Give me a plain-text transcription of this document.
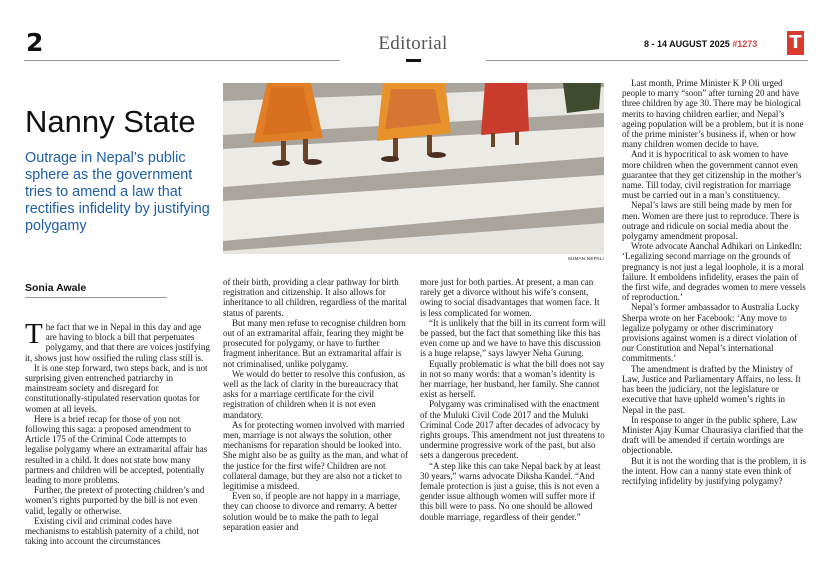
2	Editorial	8 - 14 AUGUST 2025 #1273 T
Nanny State

Outrage in Nepal’s public sphere as the government tries to amend a law that rectifies infidelity by justifying polygamy

Sonia Awale

SUMAN NEPALI

The fact that we in Nepal in this day and age are having to block a bill that perpetuates polygamy, and that there are voices justifying it, shows just how ossified the ruling class still is.

It is one step forward, two steps back, and is not surprising given entrenched patriarchy in mainstream society and disregard for constitutionally-stipulated reservation quotas for women at all levels.

Here is a brief recap for those of you not following this saga: a proposed amendment to Article 175 of the Criminal Code attempts to legalise polygamy where an extramarital affair has resulted in a child. It does not state how many partners and children will be accepted, potentially leading to more problems.

Further, the pretext of protecting children’s and women’s rights purported by the bill is not even valid, legally or otherwise.

Existing civil and criminal codes have mechanisms to establish paternity of a child, not taking into account the circumstances

of their birth, providing a clear pathway for birth registration and citizenship. It also allows for inheritance to all children, regardless of the marital status of parents.

But many men refuse to recognise children born out of an extramarital affair, fearing they might be prosecuted for polygamy, or have to further fragment inheritance. But an extramarital affair is not criminalised, unlike polygamy.

We would do better to resolve this confusion, as well as the lack of clarity in the bureaucracy that asks for a marriage certificate for the civil registration of children when it is not even mandatory.

As for protecting women involved with married men, marriage is not always the solution, other mechanisms for reparation should be looked into. She might also be as guilty as the man, and what of the justice for the first wife? Children are not collateral damage, but they are also not a ticket to legitimise a misdeed.

Even so, if people are not happy in a marriage, they can choose to divorce and remarry. A better solution would be to make the path to legal separation easier and

more just for both parties. At present, a man can rarely get a divorce without his wife’s consent, owing to social disadvantages that women face. It is less complicated for women.

“It is unlikely that the bill in its current form will be passed, but the fact that something like this has even come up and we have to have this discussion is a huge relapse,” says lawyer Neha Gurung.

Equally problematic is what the bill does not say in not so many words: that a woman’s identity is her marriage, her husband, her family. She cannot exist as herself.

Polygamy was criminalised with the enactment of the Muluki Civil Code 2017 and the Muluki Criminal Code 2017 after decades of advocacy by rights groups. This amendment not just threatens to undermine progressive work of the past, but also sets a dangerous precedent.

“A step like this can take Nepal back by at least 30 years,” warns advocate Diksha Kandel. “And female protection is just a guise, this is not even a gender issue although women will suffer more if this bill were to pass. No one should be allowed double marriage, regardless of their gender.”

Last month, Prime Minister K P Oli urged people to marry “soon” after turning 20 and have three children by age 30. There may be biological merits to having children earlier, and Nepal’s ageing population will be a problem, but it is none of the prime minister’s business if, when or how many children women decide to have.

And it is hypocritical to ask women to have more children when the government cannot even guarantee that they get citizenship in the mother’s name. Till today, civil registration for marriage must be carried out in a man’s constituency.

Nepal’s laws are still being made by men for men. Women are there just to reproduce. There is outrage and ridicule on social media about the polygamy amendment proposal.

Wrote advocate Aanchal Adhikari on LinkedIn: ‘Legalizing second marriage on the grounds of pregnancy is not just a legal loophole, it is a moral failure. It emboldens infidelity, erases the pain of the first wife, and degrades women to mere vessels of reproduction.’

Nepal’s former ambassador to Australia Lucky Sherpa wrote on her Facebook: ‘Any move to legalize polygamy or other discriminatory provisions against women is a direct violation of our Constitution and Nepal’s international commitments.’

The amendment is drafted by the Ministry of Law, Justice and Parliamentary Affairs, no less. It has been the judiciary, not the legislature or executive that have upheld women’s rights in Nepal in the past.

In response to anger in the public sphere, Law Minister Ajay Kumar Chaurasiya clarified that the draft will be amended if certain wordings are objectionable.

But it is not the wording that is the problem, it is the intent. How can a nanny state even think of rectifying infidelity by justifying polygamy?
